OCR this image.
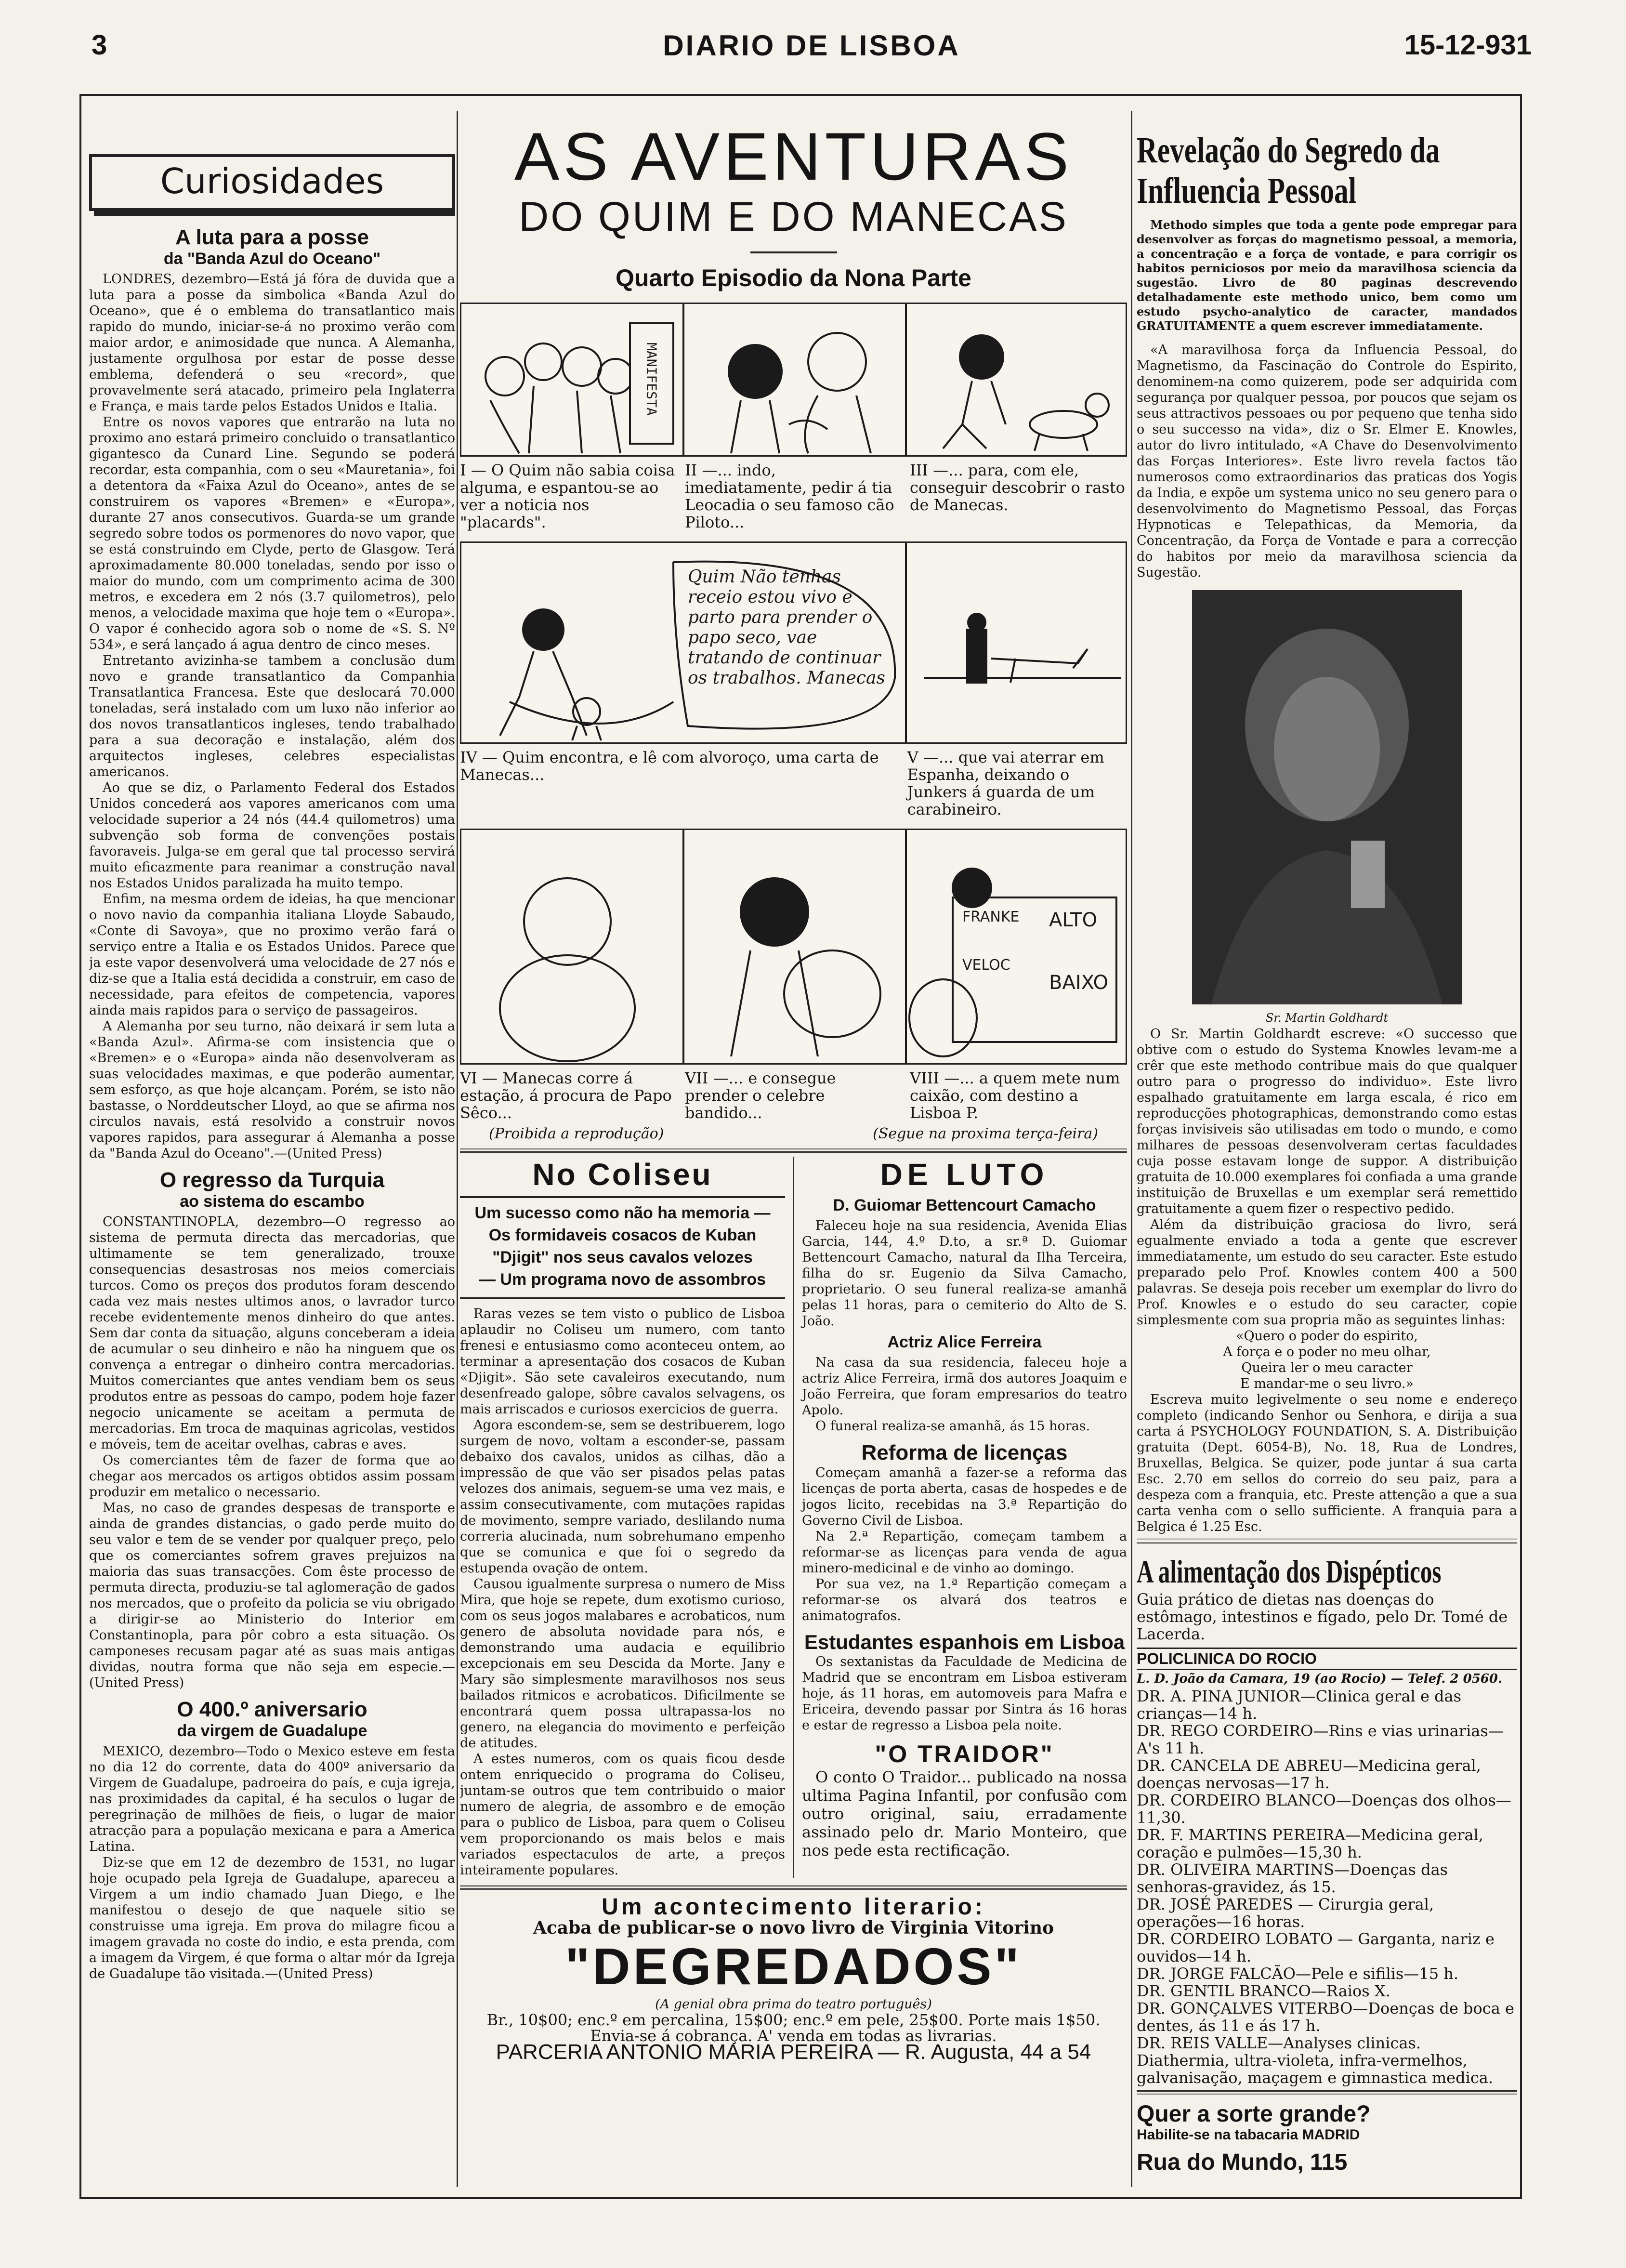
3	DIARIO DE LISBOA	15-12-931
Curiosidades
A luta para a posse
da "Banda Azul do Oceano"
LONDRES, dezembro—Está já fóra de duvida que a luta para a posse da simbolica «Banda Azul do Oceano», que é o emblema do transatlantico mais rapido do mundo, iniciar-se-á no proximo verão com maior ardor, e animosidade que nunca. A Alemanha, justamente orgulhosa por estar de posse desse emblema, defenderá o seu «record», que provavelmente será atacado, primeiro pela Inglaterra e França, e mais tarde pelos Estados Unidos e Italia.
Entre os novos vapores que entrarão na luta no proximo ano estará primeiro concluido o transatlantico gigantesco da Cunard Line. Segundo se poderá recordar, esta companhia, com o seu «Mauretania», foi a detentora da «Faixa Azul do Oceano», antes de se construirem os vapores «Bremen» e «Europa», durante 27 anos consecutivos. Guarda-se um grande segredo sobre todos os pormenores do novo vapor, que se está construindo em Clyde, perto de Glasgow. Terá aproximadamente 80.000 toneladas, sendo por isso o maior do mundo, com um comprimento acima de 300 metros, e excedera em 2 nós (3.7 quilometros), pelo menos, a velocidade maxima que hoje tem o «Europa». O vapor é conhecido agora sob o nome de «S. S. Nº 534», e será lançado á agua dentro de cinco meses.
Entretanto avizinha-se tambem a conclusão dum novo e grande transatlantico da Companhia Transatlantica Francesa. Este que deslocará 70.000 toneladas, será instalado com um luxo não inferior ao dos novos transatlanticos ingleses, tendo trabalhado para a sua decoração e instalação, além dos arquitectos ingleses, celebres especialistas americanos.
Ao que se diz, o Parlamento Federal dos Estados Unidos concederá aos vapores americanos com uma velocidade superior a 24 nós (44.4 quilometros) uma subvenção sob forma de convenções postais favoraveis. Julga-se em geral que tal processo servirá muito eficazmente para reanimar a construção naval nos Estados Unidos paralizada ha muito tempo.
Enfim, na mesma ordem de ideias, ha que mencionar o novo navio da companhia italiana Lloyde Sabaudo, «Conte di Savoya», que no proximo verão fará o serviço entre a Italia e os Estados Unidos. Parece que ja este vapor desenvolverá uma velocidade de 27 nós e diz-se que a Italia está decidida a construir, em caso de necessidade, para efeitos de competencia, vapores ainda mais rapidos para o serviço de passageiros.
A Alemanha por seu turno, não deixará ir sem luta a «Banda Azul». Afirma-se com insistencia que o «Bremen» e o «Europa» ainda não desenvolveram as suas velocidades maximas, e que poderão aumentar, sem esforço, as que hoje alcançam. Porém, se isto não bastasse, o Norddeutscher Lloyd, ao que se afirma nos circulos navais, está resolvido a construir novos vapores rapidos, para assegurar á Alemanha a posse da "Banda Azul do Oceano".—(United Press)
O regresso da Turquia
ao sistema do escambo
CONSTANTINOPLA, dezembro—O regresso ao sistema de permuta directa das mercadorias, que ultimamente se tem generalizado, trouxe consequencias desastrosas nos meios comerciais turcos. Como os preços dos produtos foram descendo cada vez mais nestes ultimos anos, o lavrador turco recebe evidentemente menos dinheiro do que antes. Sem dar conta da situação, alguns conceberam a ideia de acumular o seu dinheiro e não ha ninguem que os convença a entregar o dinheiro contra mercadorias. Muitos comerciantes que antes vendiam bem os seus produtos entre as pessoas do campo, podem hoje fazer negocio unicamente se aceitam a permuta de mercadorias. Em troca de maquinas agricolas, vestidos e móveis, tem de aceitar ovelhas, cabras e aves.
Os comerciantes têm de fazer de forma que ao chegar aos mercados os artigos obtidos assim possam produzir em metalico o necessario.
Mas, no caso de grandes despesas de transporte e ainda de grandes distancias, o gado perde muito do seu valor e tem de se vender por qualquer preço, pelo que os comerciantes sofrem graves prejuizos na maioria das suas transacções. Com êste processo de permuta directa, produziu-se tal aglomeração de gados nos mercados, que o profeito da policia se viu obrigado a dirigir-se ao Ministerio do Interior em Constantinopla, para pôr cobro a esta situação. Os camponeses recusam pagar até as suas mais antigas dividas, noutra forma que não seja em especie.—(United Press)
O 400.º aniversario
da virgem de Guadalupe
MEXICO, dezembro—Todo o Mexico esteve em festa no dia 12 do corrente, data do 400º aniversario da Virgem de Guadalupe, padroeira do país, e cuja igreja, nas proximidades da capital, é ha seculos o lugar de peregrinação de milhões de fieis, o lugar de maior atracção para a população mexicana e para a America Latina.
Diz-se que em 12 de dezembro de 1531, no lugar hoje ocupado pela Igreja de Guadalupe, apareceu a Virgem a um indio chamado Juan Diego, e lhe manifestou o desejo de que naquele sitio se construisse uma igreja. Em prova do milagre ficou a imagem gravada no coste do indio, e esta prenda, com a imagem da Virgem, é que forma o altar mór da Igreja de Guadalupe tão visitada.—(United Press)
AS AVENTURAS
DO QUIM E DO MANECAS
Quarto Episodio da Nona Parte
MANIFESTA
I — O Quim não sabia coisa alguma, e espantou-se ao ver a noticia nos "placards".
II —... indo, imediatamente, pedir á tia Leocadia o seu famoso cão Piloto...
III —... para, com ele, conseguir descobrir o rasto de Manecas.
Quim Não tenhas receio estou vivo e parto para prender o papo seco, vae tratando de continuar os trabalhos. Manecas
IV — Quim encontra, e lê com alvoroço, uma carta de Manecas...
V —... que vai aterrar em Espanha, deixando o Junkers á guarda de um carabineiro.
FRANKE ALTO
VELOC
BAIXO
VI — Manecas corre á estação, á procura de Papo Sêco...
VII —... e consegue prender o celebre bandido...
VIII —... a quem mete num caixão, com destino a Lisboa P.
(Proibida a reprodução)	(Segue na proxima terça-feira)
No Coliseu
Um sucesso como não ha memoria —
Os formidaveis cosacos de Kuban
"Djigit" nos seus cavalos velozes
— Um programa novo de assombros
Raras vezes se tem visto o publico de Lisboa aplaudir no Coliseu um numero, com tanto frenesi e entusiasmo como aconteceu ontem, ao terminar a apresentação dos cosacos de Kuban «Djigit». São sete cavaleiros executando, num desenfreado galope, sôbre cavalos selvagens, os mais arriscados e curiosos exercicios de guerra.
Agora escondem-se, sem se destribuerem, logo surgem de novo, voltam a esconder-se, passam debaixo dos cavalos, unidos as cilhas, dão a impressão de que vão ser pisados pelas patas velozes dos animais, seguem-se uma vez mais, e assim consecutivamente, com mutações rapidas de movimento, sempre variado, deslilando numa correria alucinada, num sobrehumano empenho que se comunica e que foi o segredo da estupenda ovação de ontem.
Causou igualmente surpresa o numero de Miss Mira, que hoje se repete, dum exotismo curioso, com os seus jogos malabares e acrobaticos, num genero de absoluta novidade para nós, e demonstrando uma audacia e equilibrio excepcionais em seu Descida da Morte. Jany e Mary são simplesmente maravilhosos nos seus bailados ritmicos e acrobaticos. Dificilmente se encontrará quem possa ultrapassa-los no genero, na elegancia do movimento e perfeição de atitudes.
A estes numeros, com os quais ficou desde ontem enriquecido o programa do Coliseu, juntam-se outros que tem contribuido o maior numero de alegria, de assombro e de emoção para o publico de Lisboa, para quem o Coliseu vem proporcionando os mais belos e mais variados espectaculos de arte, a preços inteiramente populares.
DE LUTO
D. Guiomar Bettencourt Camacho
Faleceu hoje na sua residencia, Avenida Elias Garcia, 144, 4.º D.to, a sr.ª D. Guiomar Bettencourt Camacho, natural da Ilha Terceira, filha do sr. Eugenio da Silva Camacho, proprietario. O seu funeral realiza-se amanhã pelas 11 horas, para o cemiterio do Alto de S. João.
Actriz Alice Ferreira
Na casa da sua residencia, faleceu hoje a actriz Alice Ferreira, irmã dos autores Joaquim e João Ferreira, que foram empresarios do teatro Apolo.
O funeral realiza-se amanhã, ás 15 horas.
Reforma de licenças
Começam amanhã a fazer-se a reforma das licenças de porta aberta, casas de hospedes e de jogos licito, recebidas na 3.ª Repartição do Governo Civil de Lisboa.
Na 2.ª Repartição, começam tambem a reformar-se as licenças para venda de agua minero-medicinal e de vinho ao domingo.
Por sua vez, na 1.ª Repartição começam a reformar-se os alvará dos teatros e animatografos.
Estudantes espanhois em Lisboa
Os sextanistas da Faculdade de Medicina de Madrid que se encontram em Lisboa estiveram hoje, ás 11 horas, em automoveis para Mafra e Ericeira, devendo passar por Sintra ás 16 horas e estar de regresso a Lisboa pela noite.
"O TRAIDOR"
O conto O Traidor... publicado na nossa ultima Pagina Infantil, por confusão com outro original, saiu, erradamente assinado pelo dr. Mario Monteiro, que nos pede esta rectificação.
Um acontecimento literario:
Acaba de publicar-se o novo livro de Virginia Vitorino
"DEGREDADOS"
(A genial obra prima do teatro português)
Br., 10$00; enc.º em percalina, 15$00; enc.º em pele, 25$00. Porte mais 1$50.
Envia-se á cobrança. A' venda em todas as livrarias.
PARCERIA ANTONIO MARIA PEREIRA — R. Augusta, 44 a 54
Revelação do Segredo da Influencia Pessoal
Methodo simples que toda a gente pode empregar para desenvolver as forças do magnetismo pessoal, a memoria, a concentração e a força de vontade, e para corrigir os habitos perniciosos por meio da maravilhosa sciencia da sugestão. Livro de 80 paginas descrevendo detalhadamente este methodo unico, bem como um estudo psycho-analytico de caracter, mandados GRATUITAMENTE a quem escrever immediatamente.
«A maravilhosa força da Influencia Pessoal, do Magnetismo, da Fascinação do Controle do Espirito, denominem-na como quizerem, pode ser adquirida com segurança por qualquer pessoa, por poucos que sejam os seus attractivos pessoaes ou por pequeno que tenha sido o seu successo na vida», diz o Sr. Elmer E. Knowles, autor do livro intitulado, «A Chave do Desenvolvimento das Forças Interiores». Este livro revela factos tão numerosos como extraordinarios das praticas dos Yogis da India, e expõe um systema unico no seu genero para o desenvolvimento do Magnetismo Pessoal, das Forças Hypnoticas e Telepathicas, da Memoria, da Concentração, da Força de Vontade e para a correcção do habitos por meio da maravilhosa sciencia da Sugestão.
Sr. Martin Goldhardt
O Sr. Martin Goldhardt escreve: «O successo que obtive com o estudo do Systema Knowles levam-me a crêr que este methodo contribue mais do que qualquer outro para o progresso do individuo». Este livro espalhado gratuitamente em larga escala, é rico em reproducções photographicas, demonstrando como estas forças invisiveis são utilisadas em todo o mundo, e como milhares de pessoas desenvolveram certas faculdades cuja posse estavam longe de suppor. A distribuição gratuita de 10.000 exemplares foi confiada a uma grande instituição de Bruxellas e um exemplar será remettido gratuitamente a quem fizer o respectivo pedido.
Além da distribuição graciosa do livro, será egualmente enviado a toda a gente que escrever immediatamente, um estudo do seu caracter. Este estudo preparado pelo Prof. Knowles contem 400 a 500 palavras. Se deseja pois receber um exemplar do livro do Prof. Knowles e o estudo do seu caracter, copie simplesmente com sua propria mão as seguintes linhas:
«Quero o poder do espirito,
A força e o poder no meu olhar,
Queira ler o meu caracter
E mandar-me o seu livro.»
Escreva muito legivelmente o seu nome e endereço completo (indicando Senhor ou Senhora, e dirija a sua carta á PSYCHOLOGY FOUNDATION, S. A. Distribuição gratuita (Dept. 6054-B), No. 18, Rua de Londres, Bruxellas, Belgica. Se quizer, pode juntar á sua carta Esc. 2.70 em sellos do correio do seu paiz, para a despeza com a franquia, etc. Preste attenção a que a sua carta venha com o sello sufficiente. A franquia para a Belgica é 1.25 Esc.
A alimentação dos Dispépticos
Guia prático de dietas nas doenças do estômago, intestinos e fígado, pelo Dr. Tomé de Lacerda.
POLICLINICA DO ROCIO
L. D. João da Camara, 19 (ao Rocio) — Telef. 2 0560.
DR. A. PINA JUNIOR—Clinica geral e das crianças—14 h.
DR. REGO CORDEIRO—Rins e vias urinarias—A's 11 h.
DR. CANCELA DE ABREU—Medicina geral, doenças nervosas—17 h.
DR. CORDEIRO BLANCO—Doenças dos olhos—11,30.
DR. F. MARTINS PEREIRA—Medicina geral, coração e pulmões—15,30 h.
DR. OLIVEIRA MARTINS—Doenças das senhoras-gravidez, ás 15.
DR. JOSÉ PAREDES — Cirurgia geral, operações—16 horas.
DR. CORDEIRO LOBATO — Garganta, nariz e ouvidos—14 h.
DR. JORGE FALCÃO—Pele e sifilis—15 h.
DR. GENTIL BRANCO—Raios X.
DR. GONÇALVES VITERBO—Doenças de boca e dentes, ás 11 e ás 17 h.
DR. REIS VALLE—Analyses clinicas. Diathermia, ultra-violeta, infra-vermelhos, galvanisação, maçagem e gimnastica medica.
Quer a sorte grande?
Habilite-se na tabacaria MADRID
Rua do Mundo, 115
